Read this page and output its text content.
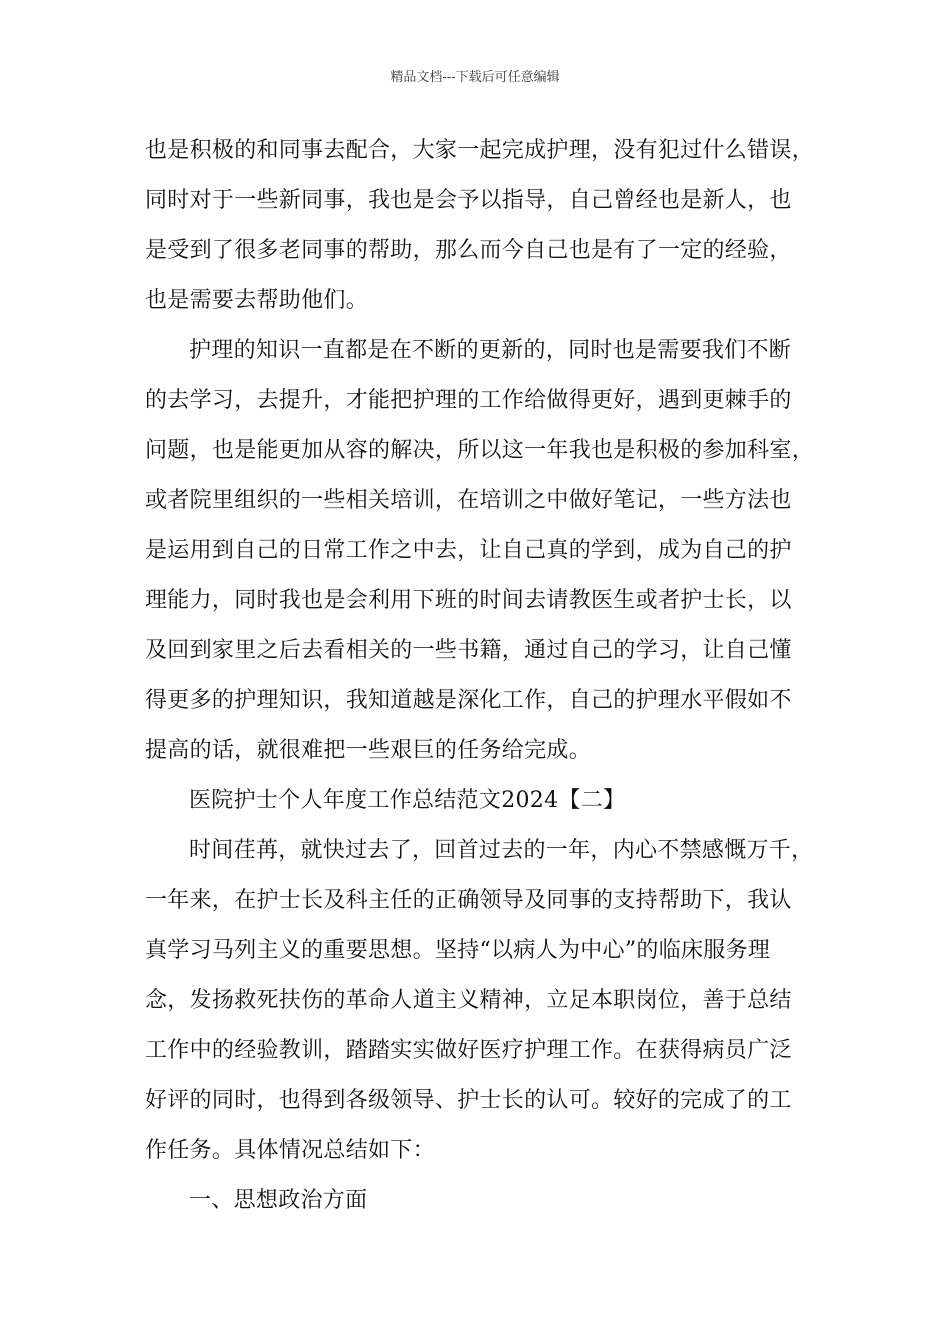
精品文档---下载后可任意编辑
也是积极的和同事去配合，大家一起完成护理，没有犯过什么错误，
同时对于一些新同事，我也是会予以指导，自己曾经也是新人，也
是受到了很多老同事的帮助，那么而今自己也是有了一定的经验，
也是需要去帮助他们。
护理的知识一直都是在不断的更新的，同时也是需要我们不断
的去学习，去提升，才能把护理的工作给做得更好，遇到更棘手的
问题，也是能更加从容的解决，所以这一年我也是积极的参加科室，
或者院里组织的一些相关培训，在培训之中做好笔记，一些方法也
是运用到自己的日常工作之中去，让自己真的学到，成为自己的护
理能力，同时我也是会利用下班的时间去请教医生或者护士长，以
及回到家里之后去看相关的一些书籍，通过自己的学习，让自己懂
得更多的护理知识，我知道越是深化工作，自己的护理水平假如不
提高的话，就很难把一些艰巨的任务给完成。
医院护士个人年度工作总结范文2024【二】
时间荏苒，就快过去了，回首过去的一年，内心不禁感慨万千，
一年来，在护士长及科主任的正确领导及同事的支持帮助下，我认
真学习马列主义的重要思想。坚持“以病人为中心”的临床服务理
念，发扬救死扶伤的革命人道主义精神，立足本职岗位，善于总结
工作中的经验教训，踏踏实实做好医疗护理工作。在获得病员广泛
好评的同时，也得到各级领导、护士长的认可。较好的完成了的工
作任务。具体情况总结如下：
一、思想政治方面
